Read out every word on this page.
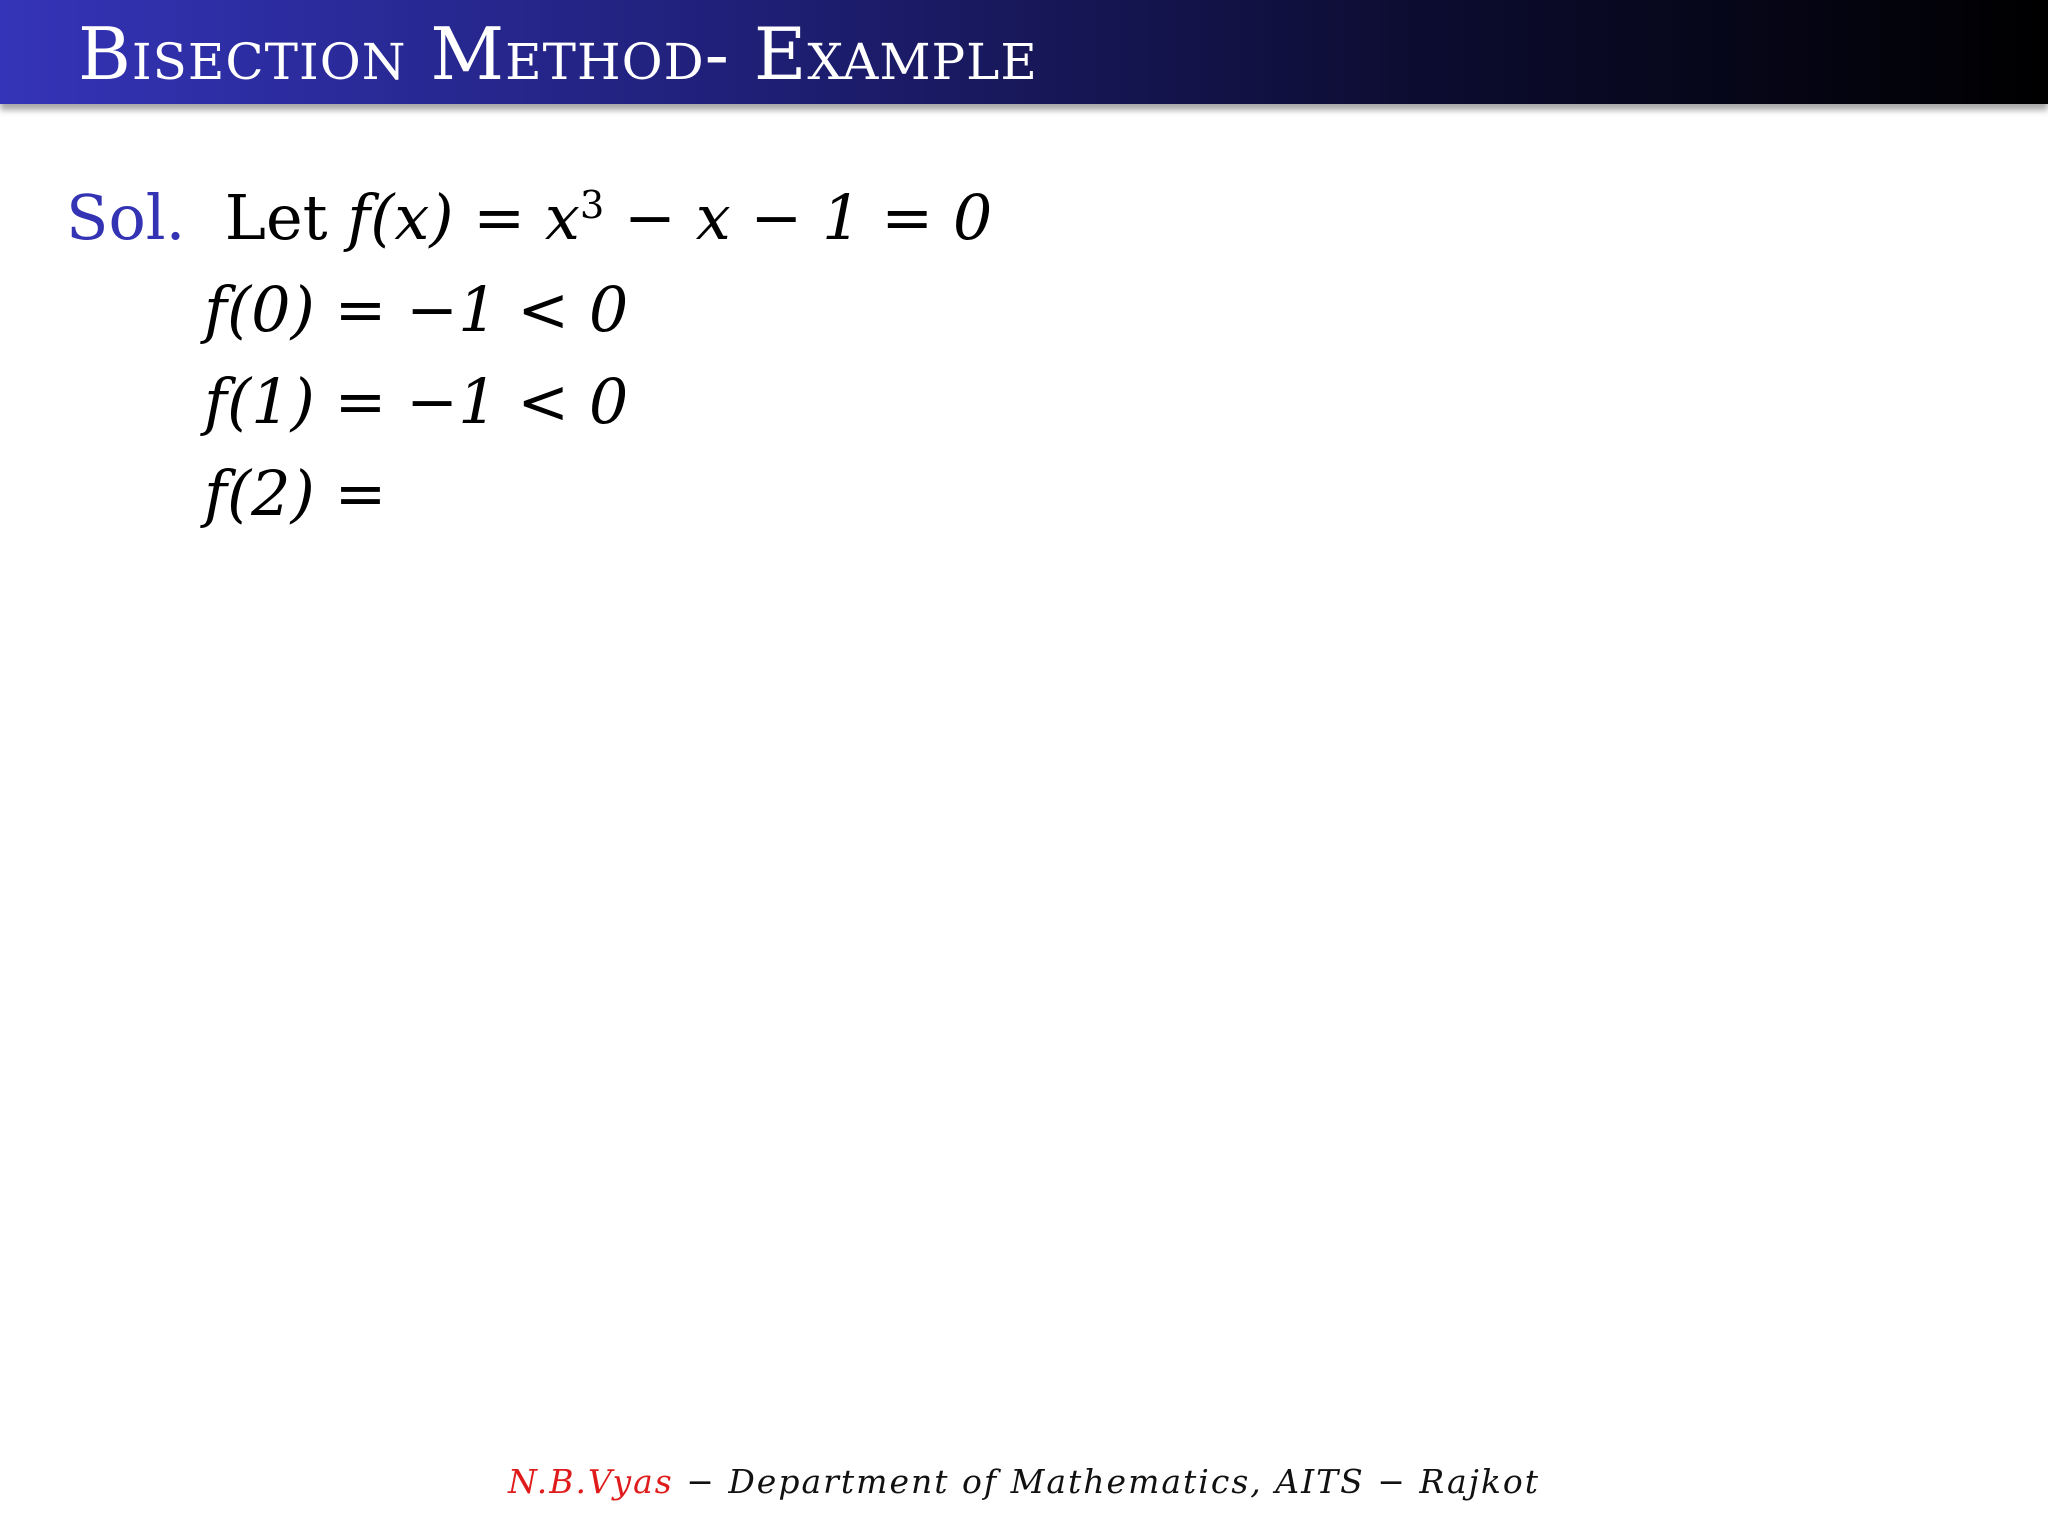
Bisection Method- Example
Sol. Let $f(x) = x^3 - x - 1 = 0$
f(0) = −1 < 0
f(1) = −1 < 0
f(2) =
N.B.Vyas − Department of Mathematics, AITS − Rajkot
